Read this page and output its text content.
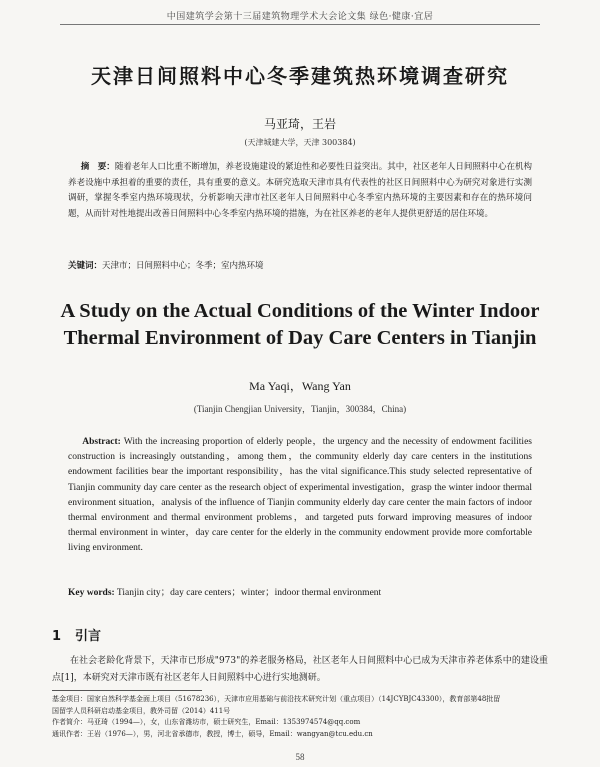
中国建筑学会第十三届建筑物理学术大会论文集 绿色·健康·宜居
天津日间照料中心冬季建筑热环境调查研究
马亚琦，王岩
(天津城建大学，天津 300384)
摘　要：随着老年人口比重不断增加，养老设施建设的紧迫性和必要性日益突出。其中，社区老年人日间照料中心在机构养老设施中承担着的重要的责任，具有重要的意义。本研究选取天津市具有代表性的社区日间照料中心为研究对象进行实测调研，掌握冬季室内热环境现状，分析影响天津市社区老年人日间照料中心冬季室内热环境的主要因素和存在的热环境问题，从而针对性地提出改善日间照料中心冬季室内热环境的措施，为在社区养老的老年人提供更舒适的居住环境。
关键词：天津市；日间照料中心；冬季；室内热环境
A Study on the Actual Conditions of the Winter Indoor
Thermal Environment of Day Care Centers in Tianjin
Ma Yaqi，Wang Yan
(Tianjin Chengjian University，Tianjin，300384，China)
Abstract: With the increasing proportion of elderly people，the urgency and the necessity of endowment facilities construction is increasingly outstanding，among them，the community elderly day care centers in the institutions endowment facilities bear the important responsibility，has the vital significance.This study selected representative of Tianjin community day care center as the research object of experimental investigation，grasp the winter indoor thermal environment situation，analysis of the influence of Tianjin community elderly day care center the main factors of indoor thermal environment and thermal environment problems，and targeted puts forward improving measures of indoor thermal environment in winter，day care center for the elderly in the community endowment provide more comfortable living environment.
Key words: Tianjin city；day care centers；winter；indoor thermal environment
1 引言
在社会老龄化背景下，天津市已形成"973"的养老服务格局，社区老年人日间照料中心已成为天津市养老体系中的建设重点[1]，本研究对天津市既有社区老年人日间照料中心进行实地测研。
基金项目：国家自然科学基金面上项目（51678236），天津市应用基础与前沿技术研究计划（重点项目）（14JCYBJC43300），教育部第48批留
国留学人员科研启动基金项目，教外司留（2014）411号
作者简介：马亚琦（1994—），女，山东省潍坊市，硕士研究生，Email：1353974574@qq.com
通讯作者：王岩（1976—），男，河北省承德市，教授，博士，硕导，Email：wangyan@tcu.edu.cn
58
